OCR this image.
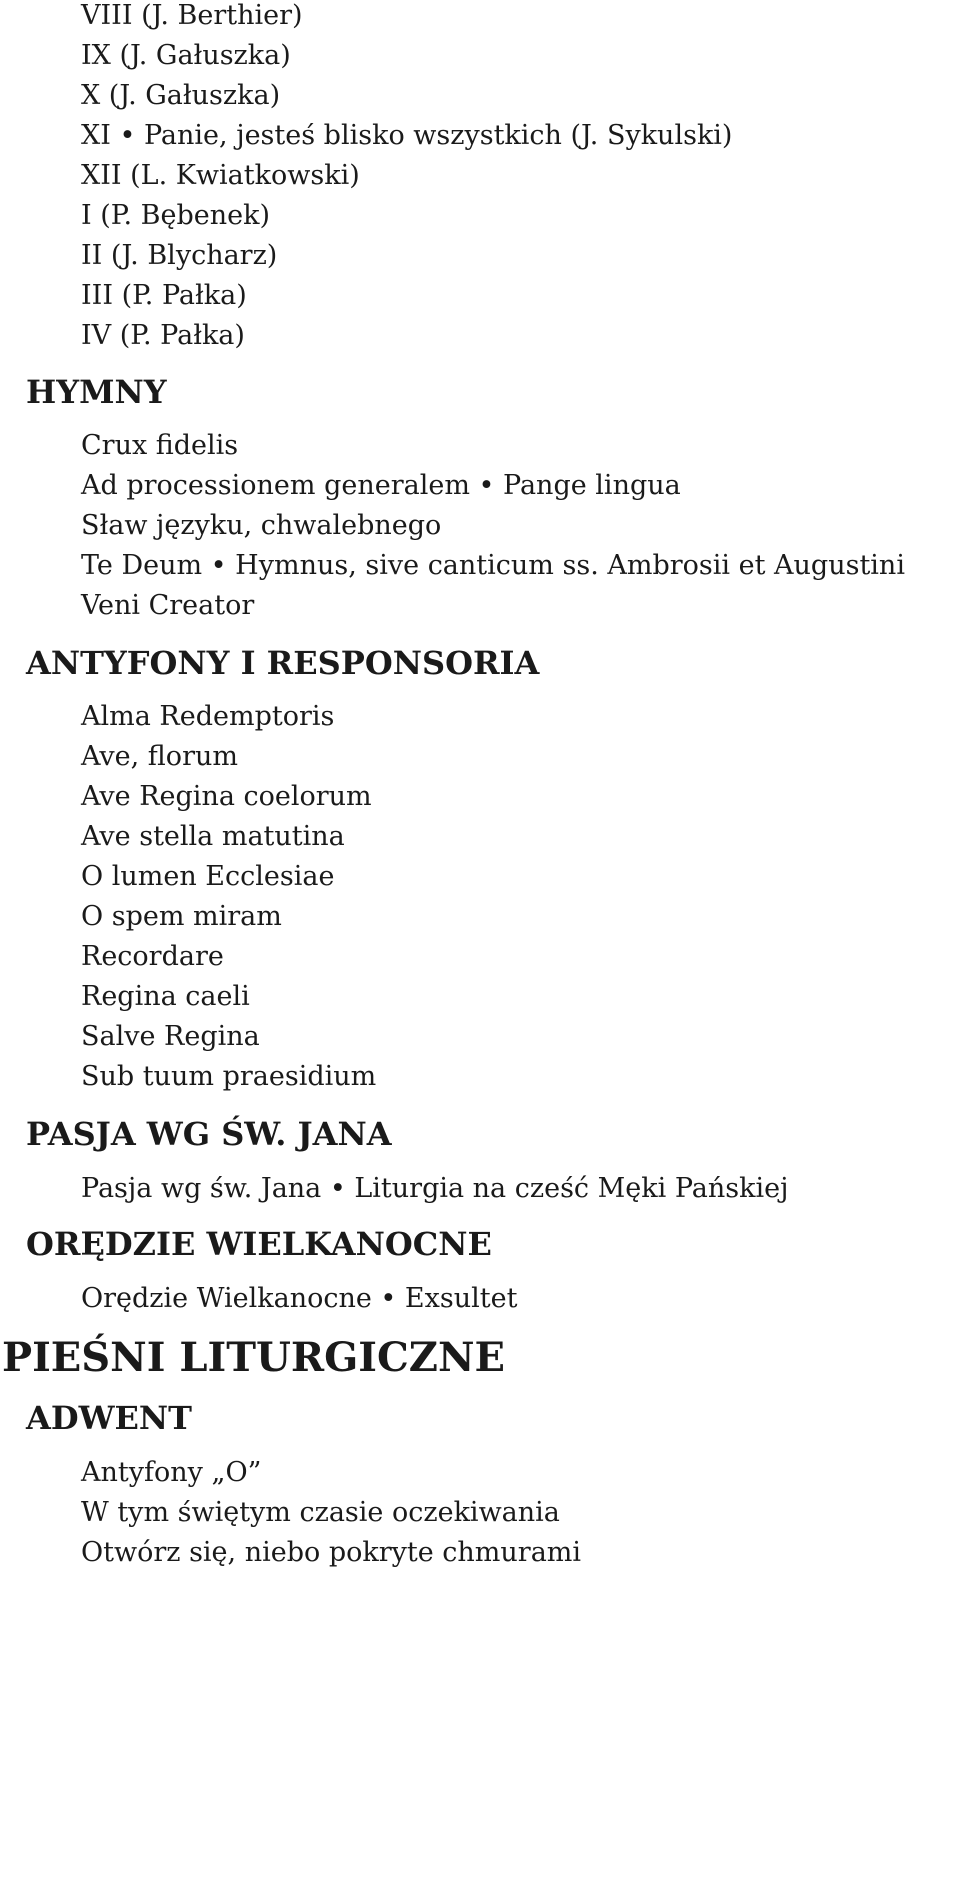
VIII (J. Berthier)
IX (J. Gałuszka)
X (J. Gałuszka)
XI • Panie, jesteś blisko wszystkich (J. Sykulski)
XII (L. Kwiatkowski)
I (P. Bębenek)
II (J. Blycharz)
III (P. Pałka)
IV (P. Pałka)
HYMNY
Crux fidelis
Ad processionem generalem • Pange lingua
Sław języku, chwalebnego
Te Deum • Hymnus, sive canticum ss. Ambrosii et Augustini
Veni Creator
ANTYFONY I RESPONSORIA
Alma Redemptoris
Ave, florum
Ave Regina coelorum
Ave stella matutina
O lumen Ecclesiae
O spem miram
Recordare
Regina caeli
Salve Regina
Sub tuum praesidium
PASJA WG ŚW. JANA
Pasja wg św. Jana • Liturgia na cześć Męki Pańskiej
ORĘDZIE WIELKANOCNE
Orędzie Wielkanocne • Exsultet
PIEŚNI LITURGICZNE
ADWENT
Antyfony „O”
W tym świętym czasie oczekiwania
Otwórz się, niebo pokryte chmurami
